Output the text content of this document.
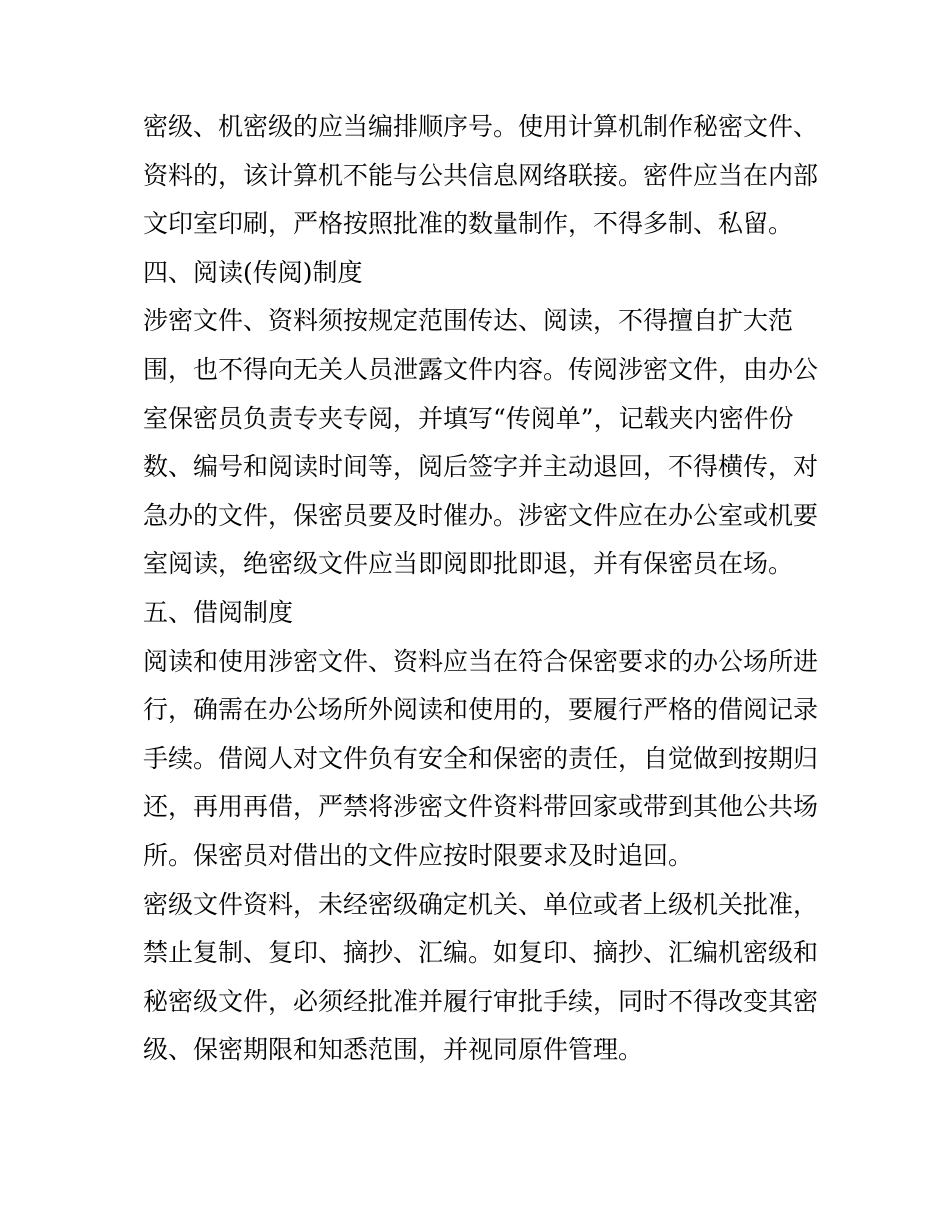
密级、机密级的应当编排顺序号。使用计算机制作秘密文件、
资料的，该计算机不能与公共信息网络联接。密件应当在内部
文印室印刷，严格按照批准的数量制作，不得多制、私留。
四、阅读(传阅)制度
涉密文件、资料须按规定范围传达、阅读，不得擅自扩大范
围，也不得向无关人员泄露文件内容。传阅涉密文件，由办公
室保密员负责专夹专阅，并填写“传阅单”，记载夹内密件份
数、编号和阅读时间等，阅后签字并主动退回，不得横传，对
急办的文件，保密员要及时催办。涉密文件应在办公室或机要
室阅读，绝密级文件应当即阅即批即退，并有保密员在场。
五、借阅制度
阅读和使用涉密文件、资料应当在符合保密要求的办公场所进
行，确需在办公场所外阅读和使用的，要履行严格的借阅记录
手续。借阅人对文件负有安全和保密的责任，自觉做到按期归
还，再用再借，严禁将涉密文件资料带回家或带到其他公共场
所。保密员对借出的文件应按时限要求及时追回。
密级文件资料，未经密级确定机关、单位或者上级机关批准，
禁止复制、复印、摘抄、汇编。如复印、摘抄、汇编机密级和
秘密级文件，必须经批准并履行审批手续，同时不得改变其密
级、保密期限和知悉范围，并视同原件管理。
